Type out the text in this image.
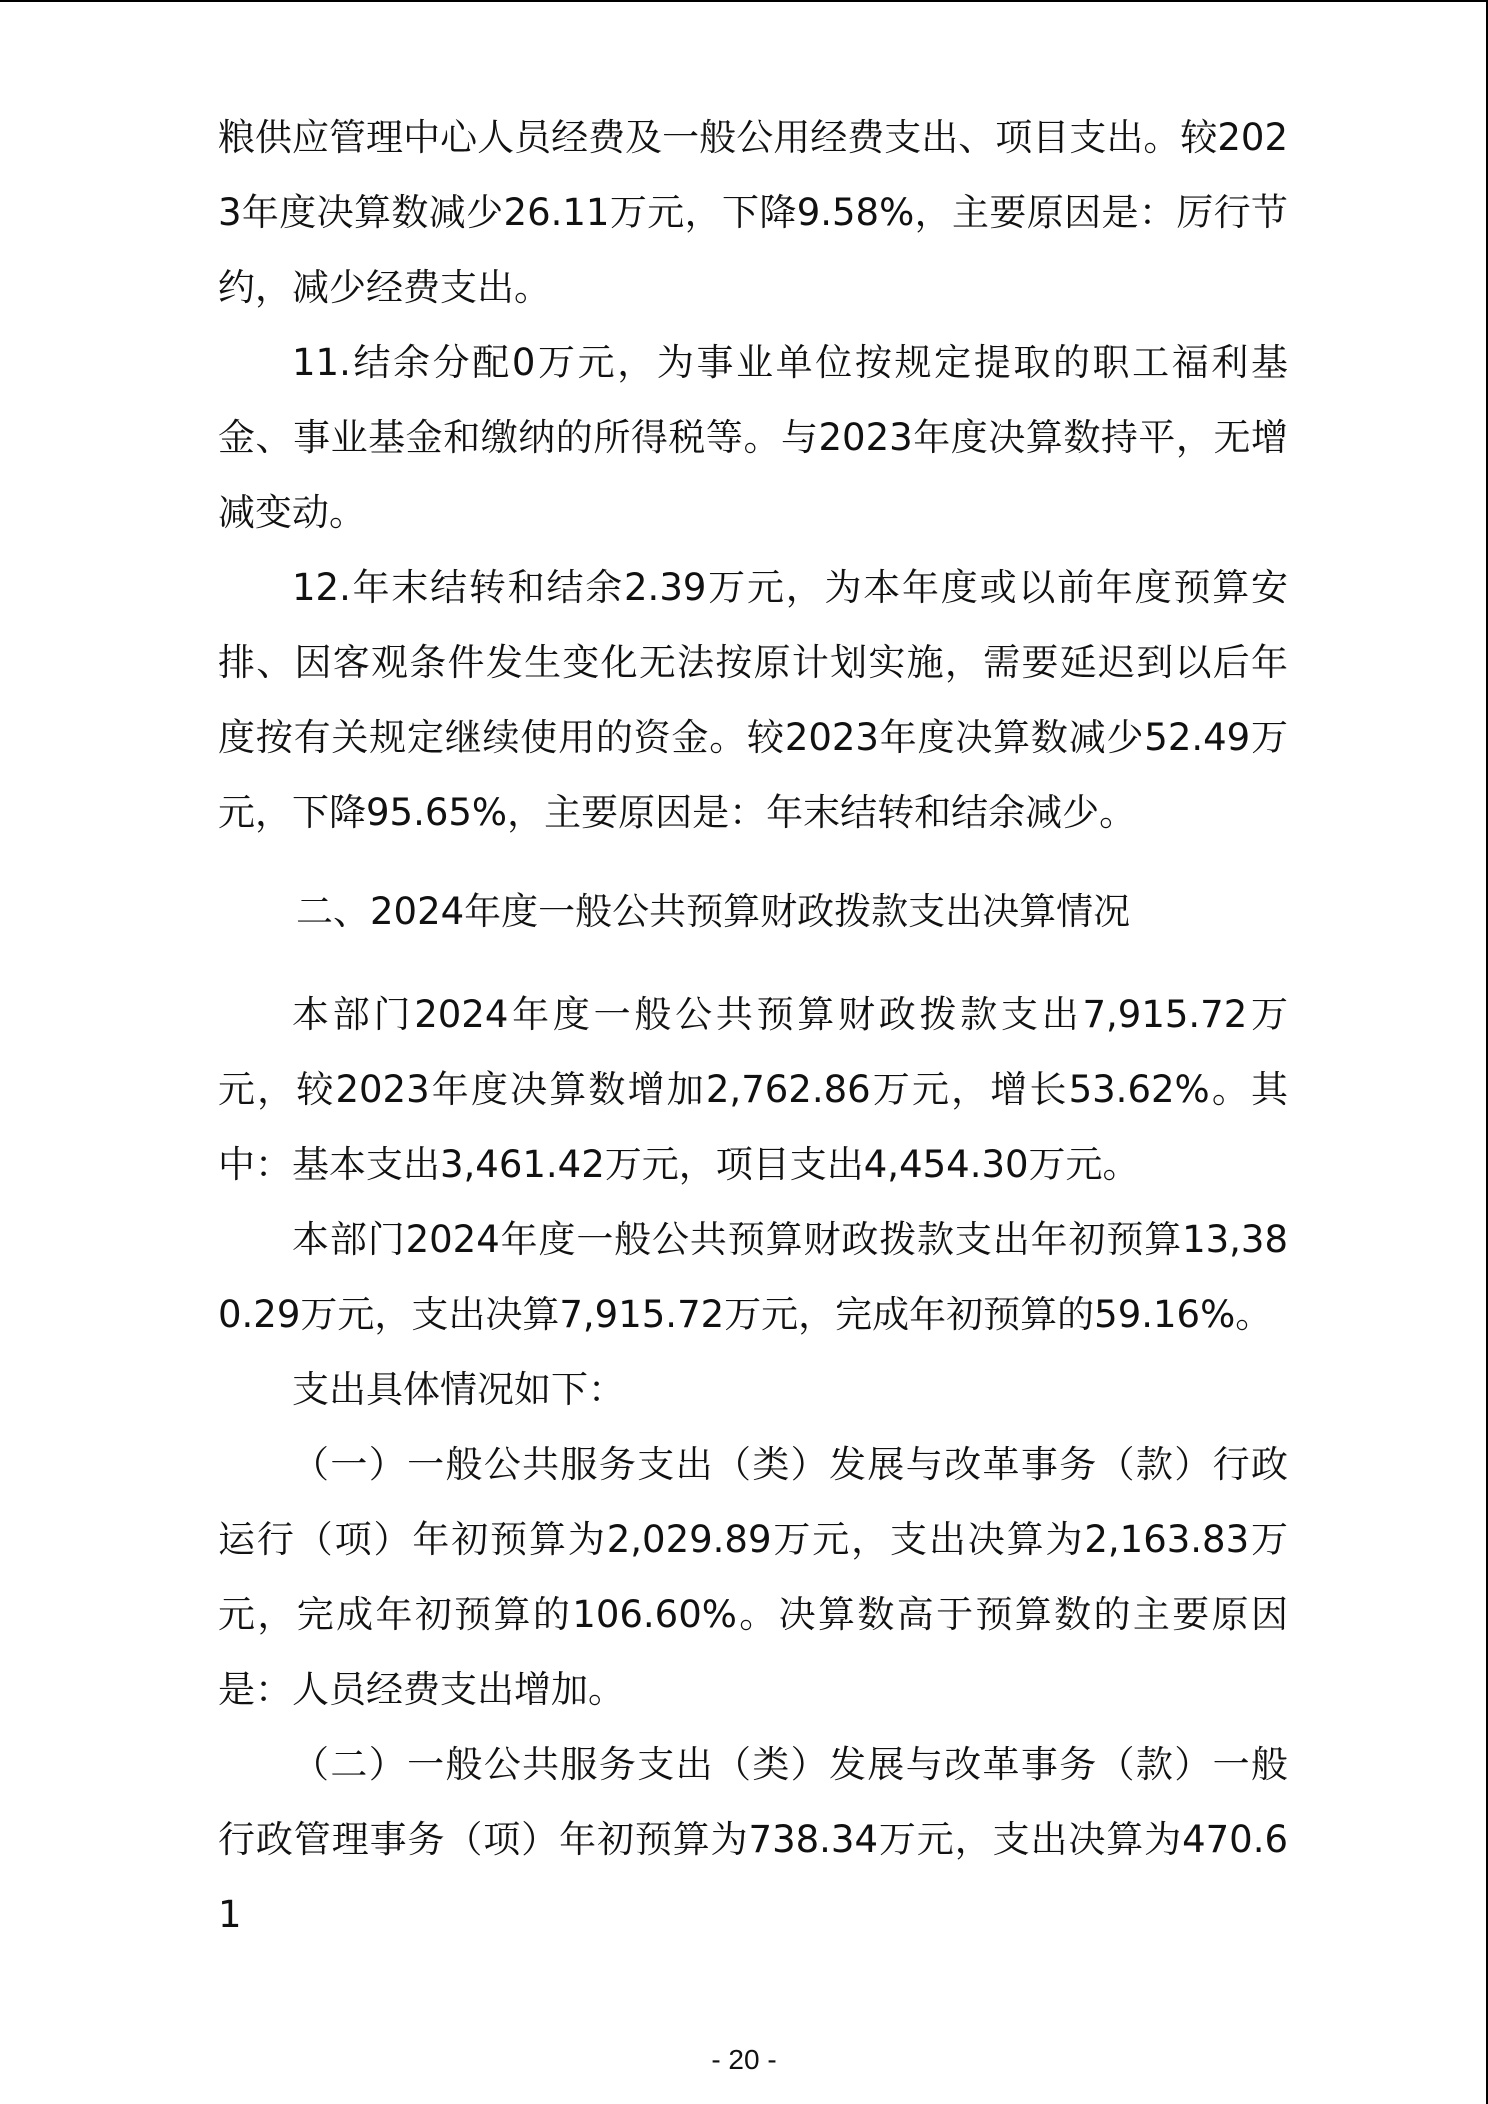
粮供应管理中心人员经费及一般公用经费支出、项目支出。较2023年度决算数减少26.11万元，下降9.58%，主要原因是：厉行节约，减少经费支出。

11.结余分配0万元，为事业单位按规定提取的职工福利基金、事业基金和缴纳的所得税等。与2023年度决算数持平，无增减变动。

12.年末结转和结余2.39万元，为本年度或以前年度预算安排、因客观条件发生变化无法按原计划实施，需要延迟到以后年度按有关规定继续使用的资金。较2023年度决算数减少52.49万元，下降95.65%，主要原因是：年末结转和结余减少。

二、2024年度一般公共预算财政拨款支出决算情况

本部门2024年度一般公共预算财政拨款支出7,915.72万元，较2023年度决算数增加2,762.86万元，增长53.62%。其中：基本支出3,461.42万元，项目支出4,454.30万元。

本部门2024年度一般公共预算财政拨款支出年初预算13,380.29万元，支出决算7,915.72万元，完成年初预算的59.16%。

支出具体情况如下：

（一）一般公共服务支出（类）发展与改革事务（款）行政运行（项）年初预算为2,029.89万元，支出决算为2,163.83万元，完成年初预算的106.60%。决算数高于预算数的主要原因是：人员经费支出增加。

（二）一般公共服务支出（类）发展与改革事务（款）一般行政管理事务（项）年初预算为738.34万元，支出决算为470.61

- 20 -
